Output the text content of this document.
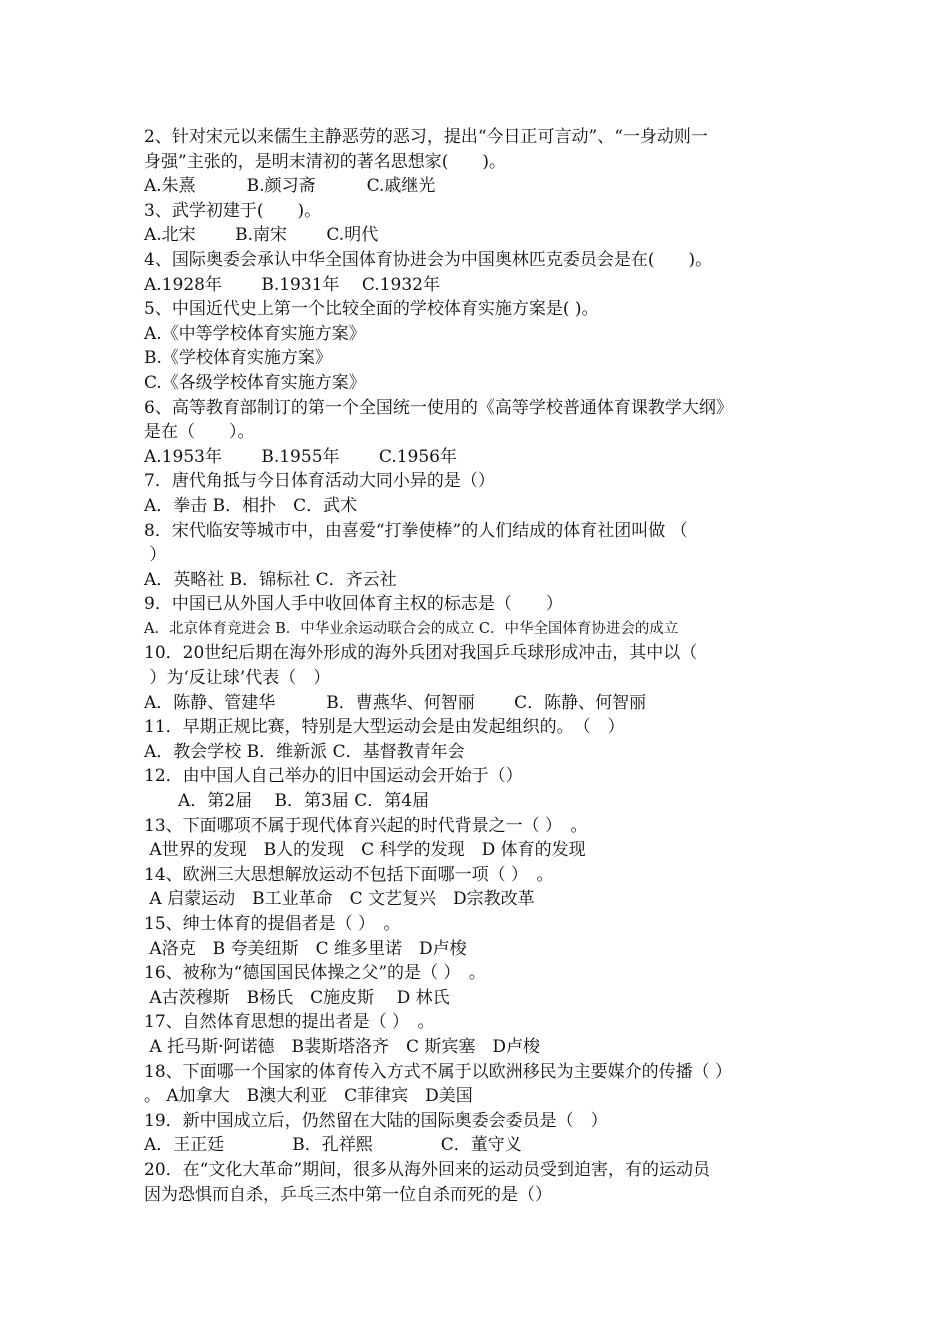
2、针对宋元以来儒生主静恶劳的恶习，提出“今日正可言动”、“一身动则一
身强”主张的，是明末清初的著名思想家(　　)。
A.朱熹　　　B.颜习斋　　　C.戚继光
3、武学初建于(　　)。
A.北宋　　 B.南宋　　 C.明代
4、国际奥委会承认中华全国体育协进会为中国奥林匹克委员会是在(　　)。
A.1928年　　 B.1931年　 C.1932年
5、中国近代史上第一个比较全面的学校体育实施方案是( )。
A.《中等学校体育实施方案》
B.《学校体育实施方案》
C.《各级学校体育实施方案》
6、高等教育部制订的第一个全国统一使用的《高等学校普通体育课教学大纲》
是在（　　）。
A.1953年　　 B.1955年　　 C.1956年
7．唐代角抵与今日体育活动大同小异的是（）
A．拳击 B．相扑　C．武术
8．宋代临安等城市中，由喜爱“打拳使棒”的人们结成的体育社团叫做 （
）
A．英略社 B．锦标社 C．齐云社
9．中国已从外国人手中收回体育主权的标志是（　　）
A．北京体育竞进会 B．中华业余运动联合会的成立 C．中华全国体育协进会的成立
10．20世纪后期在海外形成的海外兵团对我国乒乓球形成冲击，其中以（
）为‘反让球’代表（　）
A．陈静、管建华　　　B．曹燕华、何智丽　　 C．陈静、何智丽
11．早期正规比赛，特别是大型运动会是由发起组织的。　（　）
A．教会学校 B．维新派 C．基督教青年会
12．由中国人自己举办的旧中国运动会开始于（）
　　A．第2届　 B．第3届 C．第4届
13、下面哪项不属于现代体育兴起的时代背景之一（ ）　。
A世界的发现　B人的发现　C 科学的发现　D 体育的发现
14、欧洲三大思想解放运动不包括下面哪一项（ ）　。
A 启蒙运动　B工业革命　C 文艺复兴　D宗教改革
15、绅士体育的提倡者是（ ）　。
A洛克　B 夸美纽斯　C 维多里诺　D卢梭
16、被称为“德国国民体操之父”的是（ ）　。
A古茨穆斯　B杨氏　C施皮斯　 D 林氏
17、自然体育思想的提出者是（ ）　。
A 托马斯·阿诺德　B裴斯塔洛齐　C 斯宾塞　D卢梭
18、下面哪一个国家的体育传入方式不属于以欧洲移民为主要媒介的传播（ ）
。 A加拿大　B澳大利亚　C菲律宾　D美国
19．新中国成立后，仍然留在大陆的国际奥委会委员是（　）
A．王正廷　　　　B．孔祥熙　　　　C．董守义
20．在“文化大革命”期间，很多从海外回来的运动员受到迫害，有的运动员
因为恐惧而自杀，乒乓三杰中第一位自杀而死的是（）
